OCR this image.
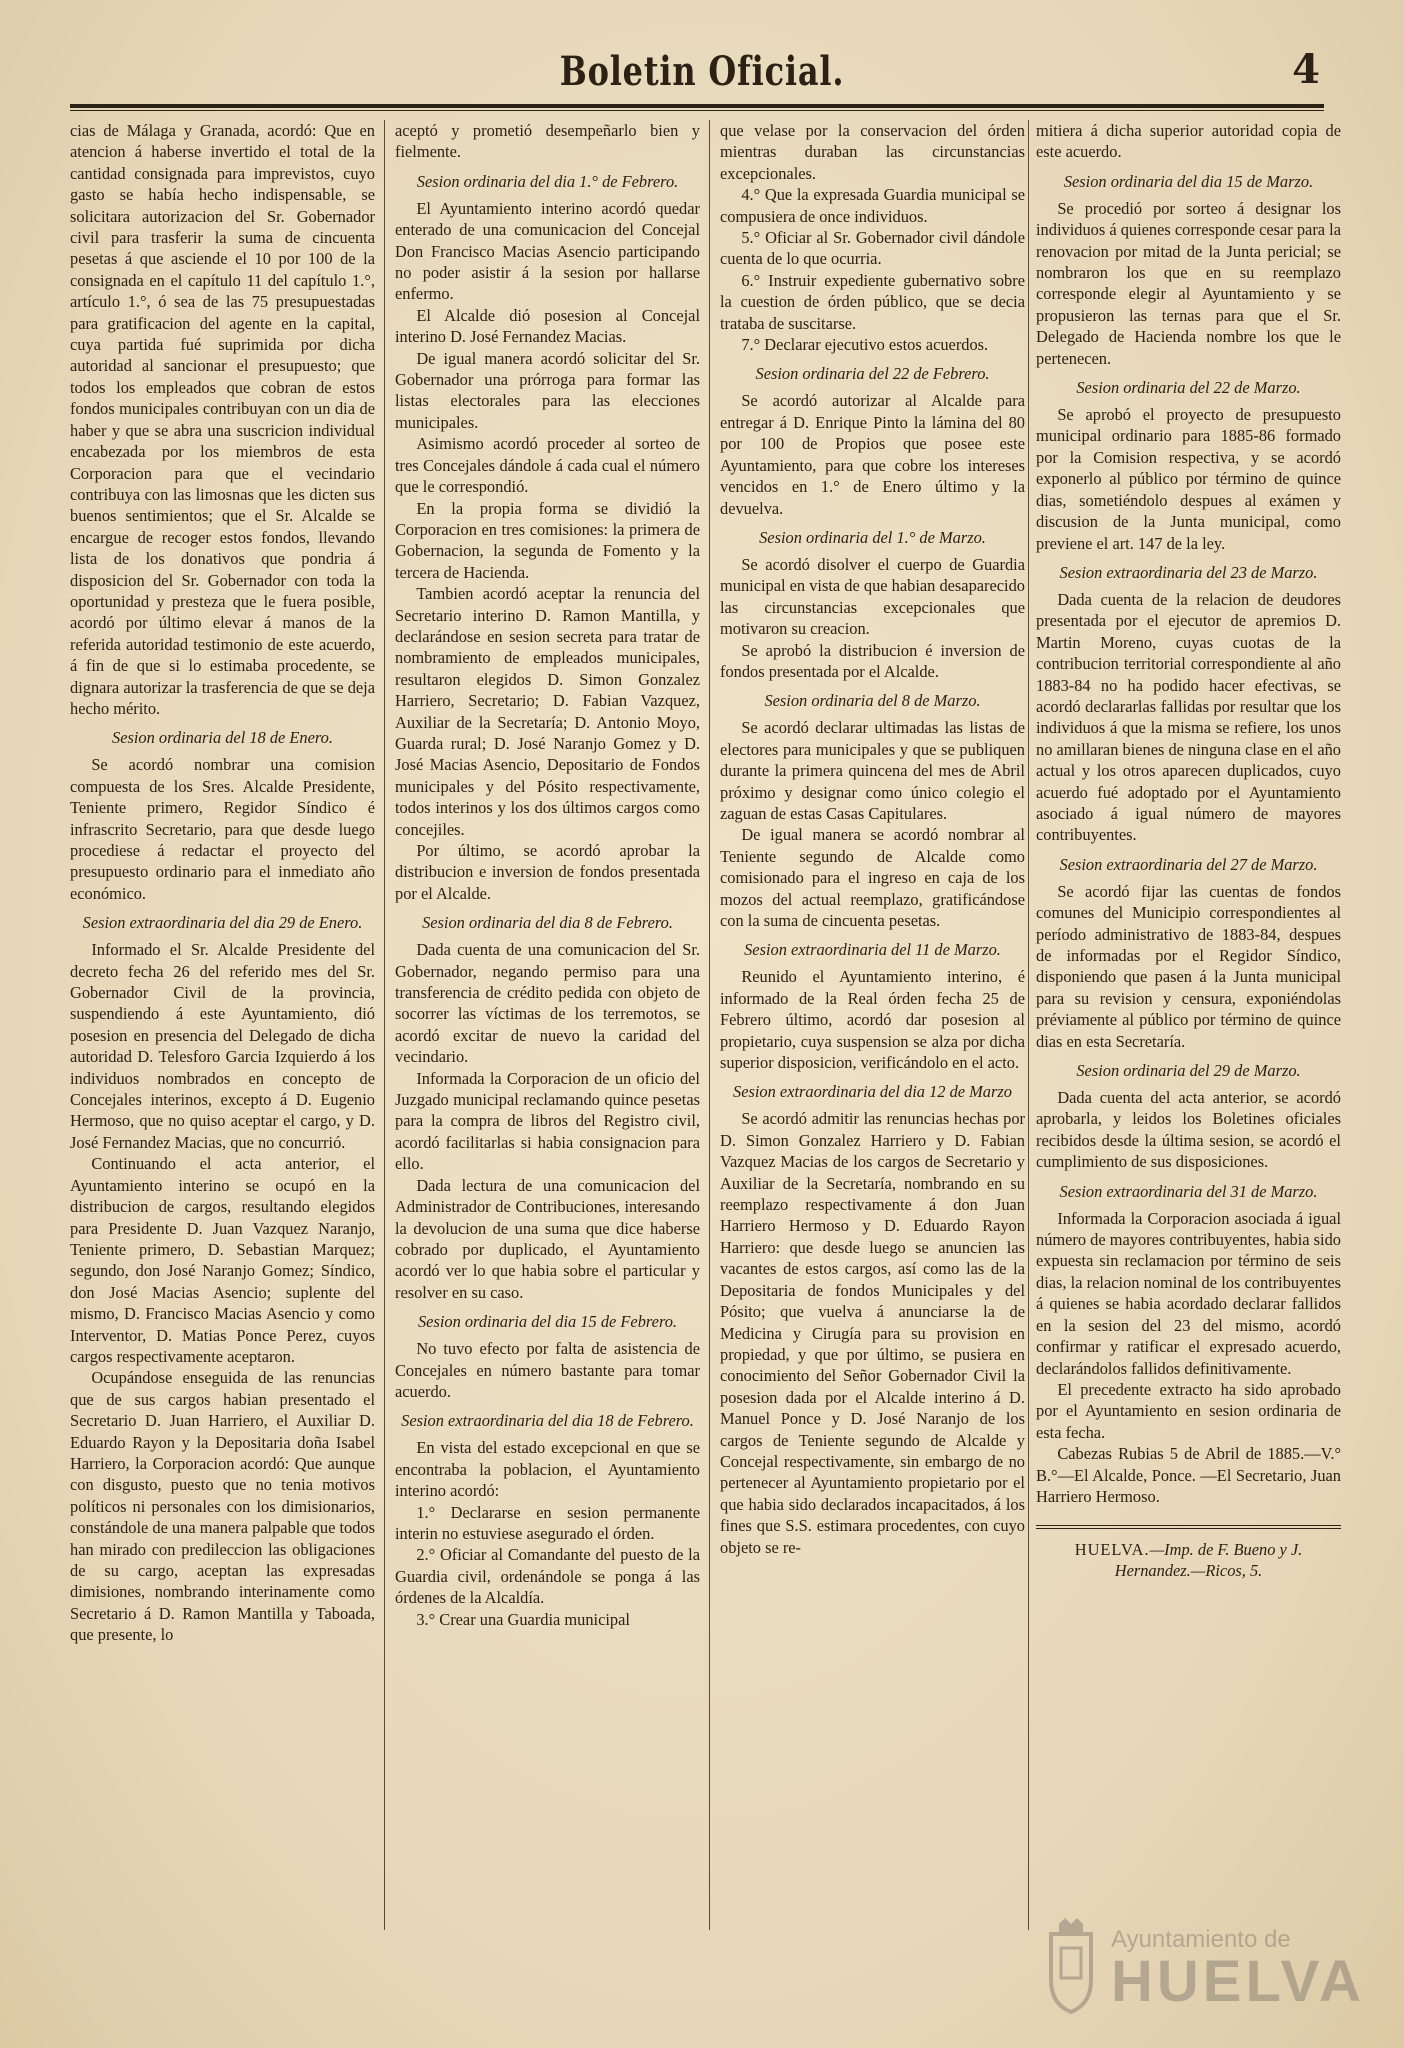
Boletin Oficial.	4

cias de Málaga y Granada, acordó: Que en atencion á haberse invertido el total de la cantidad consignada para imprevistos, cuyo gasto se había hecho indispensable, se solicitara autorizacion del Sr. Gobernador civil para trasferir la suma de cincuenta pesetas á que asciende el 10 por 100 de la consignada en el capítulo 11 del capítulo 1.°, artículo 1.°, ó sea de las 75 presupuestadas para gratificacion del agente en la capital, cuya partida fué suprimida por dicha autoridad al sancionar el presupuesto; que todos los empleados que cobran de estos fondos municipales contribuyan con un dia de haber y que se abra una suscricion individual encabezada por los miembros de esta Corporacion para que el vecindario contribuya con las limosnas que les dicten sus buenos sentimientos; que el Sr. Alcalde se encargue de recoger estos fondos, llevando lista de los donativos que pondria á disposicion del Sr. Gobernador con toda la oportunidad y presteza que le fuera posible, acordó por último elevar á manos de la referida autoridad testimonio de este acuerdo, á fin de que si lo estimaba procedente, se dignara autorizar la trasferencia de que se deja hecho mérito.

Sesion ordinaria del 18 de Enero.

Se acordó nombrar una comision compuesta de los Sres. Alcalde Presidente, Teniente primero, Regidor Síndico é infrascrito Secretario, para que desde luego procediese á redactar el proyecto del presupuesto ordinario para el inmediato año económico.

Sesion extraordinaria del dia 29 de Enero.

Informado el Sr. Alcalde Presidente del decreto fecha 26 del referido mes del Sr. Gobernador Civil de la provincia, suspendiendo á este Ayuntamiento, dió posesion en presencia del Delegado de dicha autoridad D. Telesforo Garcia Izquierdo á los individuos nombrados en concepto de Concejales interinos, excepto á D. Eugenio Hermoso, que no quiso aceptar el cargo, y D. José Fernandez Macias, que no concurrió.

Continuando el acta anterior, el Ayuntamiento interino se ocupó en la distribucion de cargos, resultando elegidos para Presidente D. Juan Vazquez Naranjo, Teniente primero, D. Sebastian Marquez; segundo, don José Naranjo Gomez; Síndico, don José Macias Asencio; suplente del mismo, D. Francisco Macias Asencio y como Interventor, D. Matias Ponce Perez, cuyos cargos respectivamente aceptaron.

Ocupándose enseguida de las renuncias que de sus cargos habian presentado el Secretario D. Juan Harriero, el Auxiliar D. Eduardo Rayon y la Depositaria doña Isabel Harriero, la Corporacion acordó: Que aunque con disgusto, puesto que no tenia motivos políticos ni personales con los dimisionarios, constándole de una manera palpable que todos han mirado con predileccion las obligaciones de su cargo, aceptan las expresadas dimisiones, nombrando interinamente como Secretario á D. Ramon Mantilla y Taboada, que presente, lo

aceptó y prometió desempeñarlo bien y fielmente.

Sesion ordinaria del dia 1.° de Febrero.

El Ayuntamiento interino acordó quedar enterado de una comunicacion del Concejal Don Francisco Macias Asencio participando no poder asistir á la sesion por hallarse enfermo.

El Alcalde dió posesion al Concejal interino D. José Fernandez Macias.

De igual manera acordó solicitar del Sr. Gobernador una prórroga para formar las listas electorales para las elecciones municipales.

Asimismo acordó proceder al sorteo de tres Concejales dándole á cada cual el número que le correspondió.

En la propia forma se dividió la Corporacion en tres comisiones: la primera de Gobernacion, la segunda de Fomento y la tercera de Hacienda.

Tambien acordó aceptar la renuncia del Secretario interino D. Ramon Mantilla, y declarándose en sesion secreta para tratar de nombramiento de empleados municipales, resultaron elegidos D. Simon Gonzalez Harriero, Secretario; D. Fabian Vazquez, Auxiliar de la Secretaría; D. Antonio Moyo, Guarda rural; D. José Naranjo Gomez y D. José Macias Asencio, Depositario de Fondos municipales y del Pósito respectivamente, todos interinos y los dos últimos cargos como concejiles.

Por último, se acordó aprobar la distribucion e inversion de fondos presentada por el Alcalde.

Sesion ordinaria del dia 8 de Febrero.

Dada cuenta de una comunicacion del Sr. Gobernador, negando permiso para una transferencia de crédito pedida con objeto de socorrer las víctimas de los terremotos, se acordó excitar de nuevo la caridad del vecindario.

Informada la Corporacion de un oficio del Juzgado municipal reclamando quince pesetas para la compra de libros del Registro civil, acordó facilitarlas si habia consignacion para ello.

Dada lectura de una comunicacion del Administrador de Contribuciones, interesando la devolucion de una suma que dice haberse cobrado por duplicado, el Ayuntamiento acordó ver lo que habia sobre el particular y resolver en su caso.

Sesion ordinaria del dia 15 de Febrero.

No tuvo efecto por falta de asistencia de Concejales en número bastante para tomar acuerdo.

Sesion extraordinaria del dia 18 de Febrero.

En vista del estado excepcional en que se encontraba la poblacion, el Ayuntamiento interino acordó:

1.° Declararse en sesion permanente interin no estuviese asegurado el órden.

2.° Oficiar al Comandante del puesto de la Guardia civil, ordenándole se ponga á las órdenes de la Alcaldía.

3.° Crear una Guardia municipal

que velase por la conservacion del órden mientras duraban las circunstancias excepcionales.

4.° Que la expresada Guardia municipal se compusiera de once individuos.

5.° Oficiar al Sr. Gobernador civil dándole cuenta de lo que ocurria.

6.° Instruir expediente gubernativo sobre la cuestion de órden público, que se decia trataba de suscitarse.

7.° Declarar ejecutivo estos acuerdos.

Sesion ordinaria del 22 de Febrero.

Se acordó autorizar al Alcalde para entregar á D. Enrique Pinto la lámina del 80 por 100 de Propios que posee este Ayuntamiento, para que cobre los intereses vencidos en 1.° de Enero último y la devuelva.

Sesion ordinaria del 1.° de Marzo.

Se acordó disolver el cuerpo de Guardia municipal en vista de que habian desaparecido las circunstancias excepcionales que motivaron su creacion.

Se aprobó la distribucion é inversion de fondos presentada por el Alcalde.

Sesion ordinaria del 8 de Marzo.

Se acordó declarar ultimadas las listas de electores para municipales y que se publiquen durante la primera quincena del mes de Abril próximo y designar como único colegio el zaguan de estas Casas Capitulares.

De igual manera se acordó nombrar al Teniente segundo de Alcalde como comisionado para el ingreso en caja de los mozos del actual reemplazo, gratificándose con la suma de cincuenta pesetas.

Sesion extraordinaria del 11 de Marzo.

Reunido el Ayuntamiento interino, é informado de la Real órden fecha 25 de Febrero último, acordó dar posesion al propietario, cuya suspension se alza por dicha superior disposicion, verificándolo en el acto.

Sesion extraordinaria del dia 12 de Marzo

Se acordó admitir las renuncias hechas por D. Simon Gonzalez Harriero y D. Fabian Vazquez Macias de los cargos de Secretario y Auxiliar de la Secretaría, nombrando en su reemplazo respectivamente á don Juan Harriero Hermoso y D. Eduardo Rayon Harriero: que desde luego se anuncien las vacantes de estos cargos, así como las de la Depositaria de fondos Municipales y del Pósito; que vuelva á anunciarse la de Medicina y Cirugía para su provision en propiedad, y que por último, se pusiera en conocimiento del Señor Gobernador Civil la posesion dada por el Alcalde interino á D. Manuel Ponce y D. José Naranjo de los cargos de Teniente segundo de Alcalde y Concejal respectivamente, sin embargo de no pertenecer al Ayuntamiento propietario por el que habia sido declarados incapacitados, á los fines que S.S. estimara procedentes, con cuyo objeto se re-

mitiera á dicha superior autoridad copia de este acuerdo.

Sesion ordinaria del dia 15 de Marzo.

Se procedió por sorteo á designar los individuos á quienes corresponde cesar para la renovacion por mitad de la Junta pericial; se nombraron los que en su reemplazo corresponde elegir al Ayuntamiento y se propusieron las ternas para que el Sr. Delegado de Hacienda nombre los que le pertenecen.

Sesion ordinaria del 22 de Marzo.

Se aprobó el proyecto de presupuesto municipal ordinario para 1885-86 formado por la Comision respectiva, y se acordó exponerlo al público por término de quince dias, sometiéndolo despues al exámen y discusion de la Junta municipal, como previene el art. 147 de la ley.

Sesion extraordinaria del 23 de Marzo.

Dada cuenta de la relacion de deudores presentada por el ejecutor de apremios D. Martin Moreno, cuyas cuotas de la contribucion territorial correspondiente al año 1883-84 no ha podido hacer efectivas, se acordó declararlas fallidas por resultar que los individuos á que la misma se refiere, los unos no amillaran bienes de ninguna clase en el año actual y los otros aparecen duplicados, cuyo acuerdo fué adoptado por el Ayuntamiento asociado á igual número de mayores contribuyentes.

Sesion extraordinaria del 27 de Marzo.

Se acordó fijar las cuentas de fondos comunes del Municipio correspondientes al período administrativo de 1883-84, despues de informadas por el Regidor Síndico, disponiendo que pasen á la Junta municipal para su revision y censura, exponiéndolas préviamente al público por término de quince dias en esta Secretaría.

Sesion ordinaria del 29 de Marzo.

Dada cuenta del acta anterior, se acordó aprobarla, y leidos los Boletines oficiales recibidos desde la última sesion, se acordó el cumplimiento de sus disposiciones.

Sesion extraordinaria del 31 de Marzo.

Informada la Corporacion asociada á igual número de mayores contribuyentes, habia sido expuesta sin reclamacion por término de seis dias, la relacion nominal de los contribuyentes á quienes se habia acordado declarar fallidos en la sesion del 23 del mismo, acordó confirmar y ratificar el expresado acuerdo, declarándolos fallidos definitivamente.

El precedente extracto ha sido aprobado por el Ayuntamiento en sesion ordinaria de esta fecha.

Cabezas Rubias 5 de Abril de 1885.—V.° B.°—El Alcalde, Ponce. —El Secretario, Juan Harriero Hermoso.

HUELVA.—Imp. de F. Bueno y J. Hernandez.—Ricos, 5.
Ayuntamiento de
HUELVA
